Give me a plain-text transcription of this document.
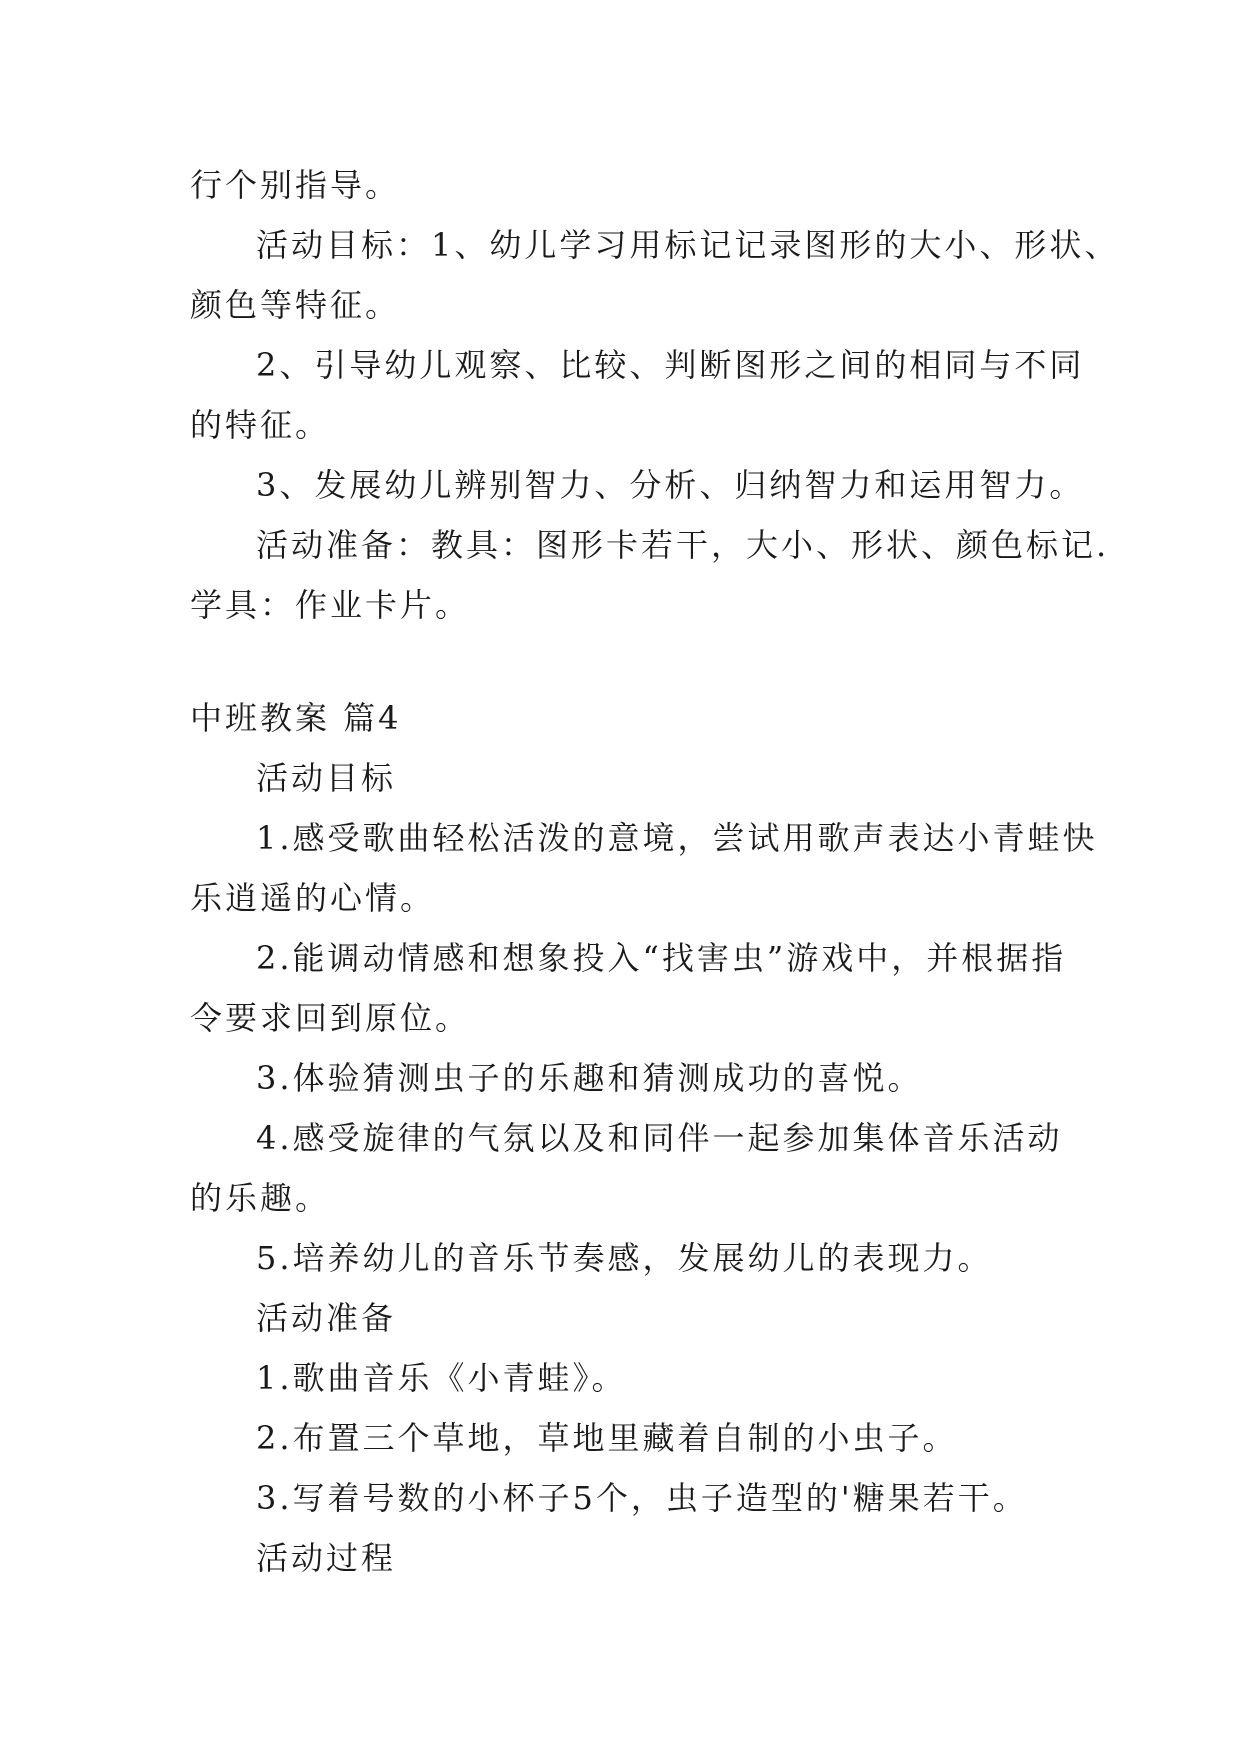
行个别指导。
活动目标：1、幼儿学习用标记记录图形的大小、形状、
颜色等特征。
2、引导幼儿观察、比较、判断图形之间的相同与不同
的特征。
3、发展幼儿辨别智力、分析、归纳智力和运用智力。
活动准备：教具：图形卡若干，大小、形状、颜色标记.
学具：作业卡片。
中班教案 篇4
活动目标
1.感受歌曲轻松活泼的意境，尝试用歌声表达小青蛙快
乐逍遥的心情。
2.能调动情感和想象投入“找害虫”游戏中，并根据指
令要求回到原位。
3.体验猜测虫子的乐趣和猜测成功的喜悦。
4.感受旋律的气氛以及和同伴一起参加集体音乐活动
的乐趣。
5.培养幼儿的音乐节奏感，发展幼儿的表现力。
活动准备
1.歌曲音乐《小青蛙》。
2.布置三个草地，草地里藏着自制的小虫子。
3.写着号数的小杯子5个，虫子造型的'糖果若干。
活动过程
